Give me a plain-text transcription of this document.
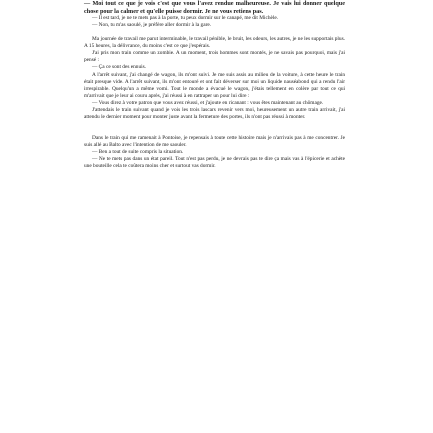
— Moi tout ce que je vois c'est que vous l'avez rendue malheureuse. Je vais lui donner quelque chose pour la calmer et qu'elle puisse dormir. Je ne vous retiens pas.

— Il est tard, je ne te mets pas à la porte, tu peux dormir sur le canapé, me dit Michèle.

— Non, tu m'as saoulé, je préfère aller dormir à la gare.

Ma journée de travail me parut interminable, le travail pénible, le bruit, les odeurs, les autres, je ne les supportais plus. A 15 heures, la délivrance, du moins c'est ce que j'espérais.

J'ai pris mon train comme un zombie. A un moment, trois hommes sont montés, je ne savais pas pourquoi, mais j'ai pensé :

— Ça ce sont des ennuis.

A l'arrêt suivant, j'ai changé de wagon, ils m'ont suivi. Je me suis assis au milieu de la voiture, à cette heure le train était presque vide. A l'arrêt suivant, ils m'ont entouré et ont fait déverser sur moi un liquide nauséabond qui a rendu l'air irrespirable. Quelqu'un a même vomi. Tout le monde a évacué le wagon, j'étais tellement en colère par tout ce qui m'arrivait que je leur ai couru après, j'ai réussi à en rattraper un pour lui dire :

— Vous direz à votre patron que vous avez réussi, et j'ajoute en ricanant : vous êtes maintenant au chômage.

J'attendais le train suivant quand je vois les trois lascars revenir vers moi, heureusement un autre train arrivait, j'ai attendu le dernier moment pour monter juste avant la fermeture des portes, ils n'ont pas réussi à monter.

Dans le train qui me ramenait à Pontoise, je repensais à toute cette histoire mais je n'arrivais pas à me concentrer. Je suis allé au Balto avec l'intention de me saouler.

— Ben a tout de suite compris la situation.

— Ne te mets pas dans un état pareil. Tout n'est pas perdu, je ne devrais pas te dire ça mais vas à l'épicerie et achète une bouteille cela te coûtera moins cher et surtout vas dormir.
